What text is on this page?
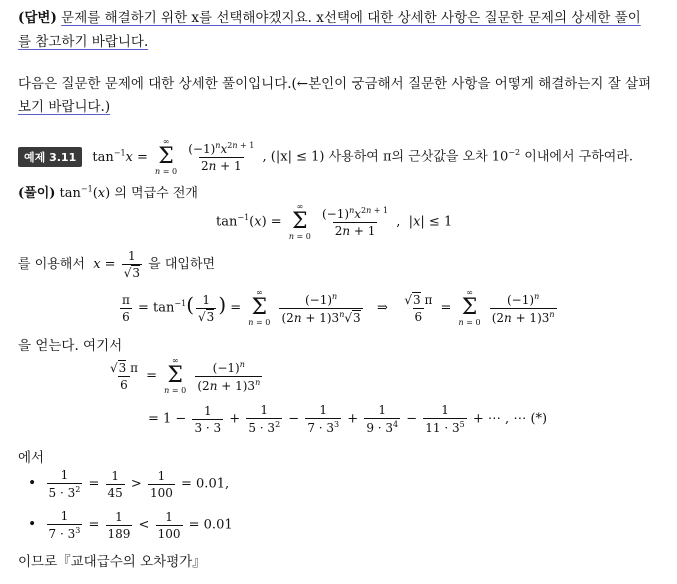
(답변) 문제를 해결하기 위한 x를 선택해야겠지요. x선택에 대한 상세한 사항은 질문한 문제의 상세한 풀이
를 참고하기 바랍니다.
다음은 질문한 문제에 대한 상세한 풀이입니다.(←본인이 궁금해서 질문한 사항을 어떻게 해결하는지 잘 살펴
보기 바랍니다.)
예제 3.11 $\tan^{-1}x$ =
∞
Σ
n = 0
$\frac{(-1)^nx^{2n + 1}}{2n + 1}$ , (|x| ≤ 1) 사용하여 π의 근삿값을 오차 $10^{-2}$ 이내에서 구하여라.
(풀이) $\tan^{-1}(x)$ 의 멱급수 전개
$\tan^{-1}(x)$ =
∞
Σ
n = 0
$\frac{(-1)^nx^{2n + 1}}{2n + 1}$ ,  |x| ≤ 1
를 이용해서 $x = \frac{1}{√3}$ 을 대입하면
$\frac{\pi}{6} = \tan^{-1}( \frac{1}{√3}$ ) =
∞
Σ
n = 0
$\frac{(-1)^n}{(2n + 1)3^n√3}$ ⇒ $\frac{√3 \pi}{6}$ =
∞
Σ
n = 0
$\frac{(-1)^n}{(2n + 1)3^n}$
을 얻는다. 여기서
$\frac{√3 \pi}{6}$ =
∞
Σ
n = 0
$\frac{(-1)^n}{(2n + 1)3^n}$
= $1 - \frac{1}{3 \cdot 3} + \frac{1}{5 \cdot 3^2} - \frac{1}{7 \cdot 3^3} + \frac{1}{9 \cdot 3^4} - \frac{1}{11 \cdot 3^5}$ + ⋯ , ⋯ (*)
에서
• $\frac{1}{5 \cdot 3^2} = \frac{1}{45} > \frac{1}{100} = 0.01$,
• $\frac{1}{7 \cdot 3^3} = \frac{1}{189} < \frac{1}{100} = 0.01$
이므로『교대급수의 오차평가』
